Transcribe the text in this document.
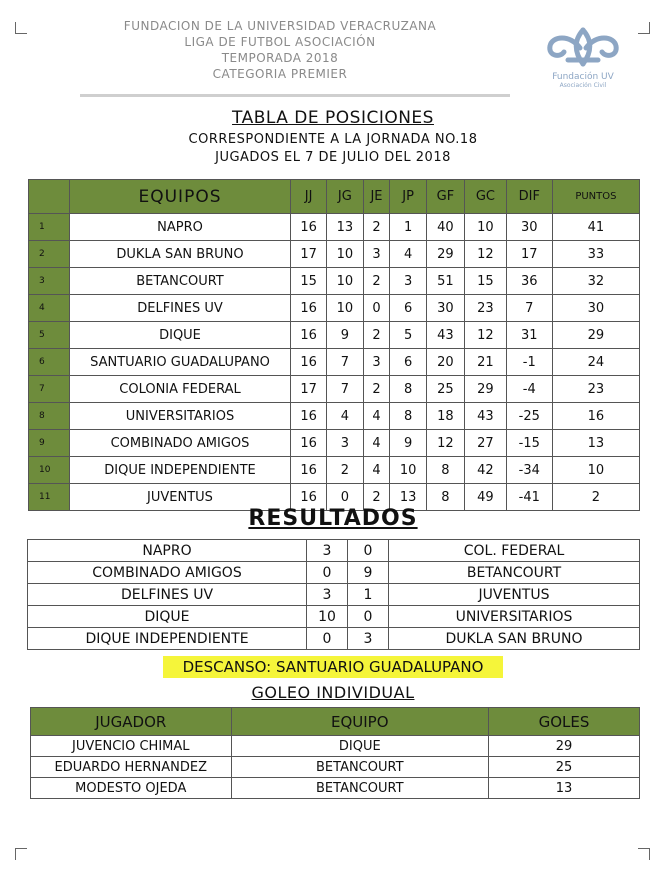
FUNDACION DE LA UNIVERSIDAD VERACRUZANA
LIGA DE FUTBOL ASOCIACIÓN
TEMPORADA 2018
CATEGORIA PREMIER	Fundación UV
Asociación Civil
TABLA DE POSICIONES
CORRESPONDIENTE A LA JORNADA NO.18
JUGADOS EL 7 DE JULIO DEL 2018
	EQUIPOS	JJ	JG	JE	JP	GF	GC	DIF	PUNTOS
1	NAPRO	16	13	2	1	40	10	30	41
2	DUKLA SAN BRUNO	17	10	3	4	29	12	17	33
3	BETANCOURT	15	10	2	3	51	15	36	32
4	DELFINES UV	16	10	0	6	30	23	7	30
5	DIQUE	16	9	2	5	43	12	31	29
6	SANTUARIO GUADALUPANO	16	7	3	6	20	21	-1	24
7	COLONIA FEDERAL	17	7	2	8	25	29	-4	23
8	UNIVERSITARIOS	16	4	4	8	18	43	-25	16
9	COMBINADO AMIGOS	16	3	4	9	12	27	-15	13
10	DIQUE INDEPENDIENTE	16	2	4	10	8	42	-34	10
11	JUVENTUS	16	0	2	13	8	49	-41	2
RESULTADOS
NAPRO	3	0	COL. FEDERAL
COMBINADO AMIGOS	0	9	BETANCOURT
DELFINES UV	3	1	JUVENTUS
DIQUE	10	0	UNIVERSITARIOS
DIQUE INDEPENDIENTE	0	3	DUKLA SAN BRUNO
DESCANSO: SANTUARIO GUADALUPANO
GOLEO INDIVIDUAL
JUGADOR	EQUIPO	GOLES
JUVENCIO CHIMAL	DIQUE	29
EDUARDO HERNANDEZ	BETANCOURT	25
MODESTO OJEDA	BETANCOURT	13
